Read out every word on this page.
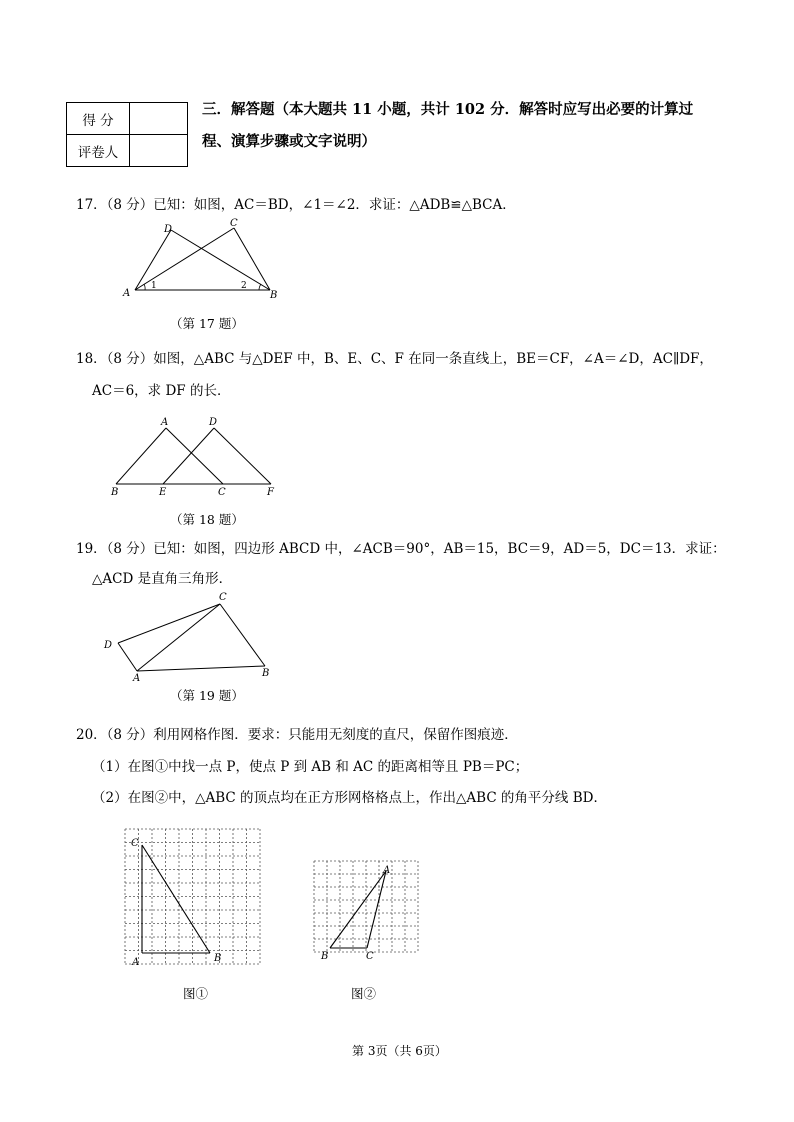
得 分	
评卷人	
三．解答题（本大题共 11 小题，共计 102 分．解答时应写出必要的计算过
程、演算步骤或文字说明）
17．（8 分）已知：如图，AC＝BD，∠1＝∠2．求证：△ADB≌△BCA．
A	B
C
D
1	2
（第 17 题）
18．（8 分）如图，△ABC 与△DEF 中，B、E、C、F 在同一条直线上，BE＝CF，∠A＝∠D，AC∥DF，
AC＝6，求 DF 的长．
A	D
B	E	C	F
（第 18 题）
19．（8 分）已知：如图，四边形 ABCD 中，∠ACB＝90°，AB＝15，BC＝9，AD＝5，DC＝13．求证：
△ACD 是直角三角形．
C
D
A	B
（第 19 题）
20．（8 分）利用网格作图．要求：只能用无刻度的直尺，保留作图痕迹．
（1）在图①中找一点 P，使点 P 到 AB 和 AC 的距离相等且 PB＝PC；
（2）在图②中，△ABC 的顶点均在正方形网格格点上，作出△ABC 的角平分线 BD．
C
A	B
图①
A
B	C
图②
第 3页（共 6页）
